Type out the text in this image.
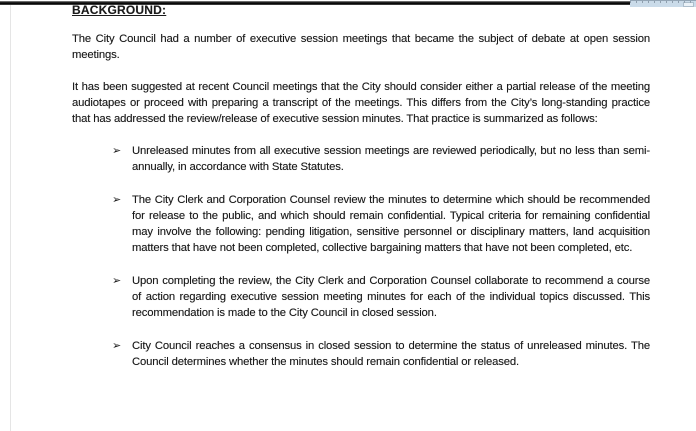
BACKGROUND:

The City Council had a number of executive session meetings that became the subject of debate at open session meetings.

It has been suggested at recent Council meetings that the City should consider either a partial release of the meeting audiotapes or proceed with preparing a transcript of the meetings. This differs from the City’s long-standing practice that has addressed the review/release of executive session minutes. That practice is summarized as follows:

➢ Unreleased minutes from all executive session meetings are reviewed periodically, but no less than semi-annually, in accordance with State Statutes.
➢ The City Clerk and Corporation Counsel review the minutes to determine which should be recommended for release to the public, and which should remain confidential. Typical criteria for remaining confidential may involve the following: pending litigation, sensitive personnel or disciplinary matters, land acquisition matters that have not been completed, collective bargaining matters that have not been completed, etc.
➢ Upon completing the review, the City Clerk and Corporation Counsel collaborate to recommend a course of action regarding executive session meeting minutes for each of the individual topics discussed. This recommendation is made to the City Council in closed session.
➢ City Council reaches a consensus in closed session to determine the status of unreleased minutes. The Council determines whether the minutes should remain confidential or released.
